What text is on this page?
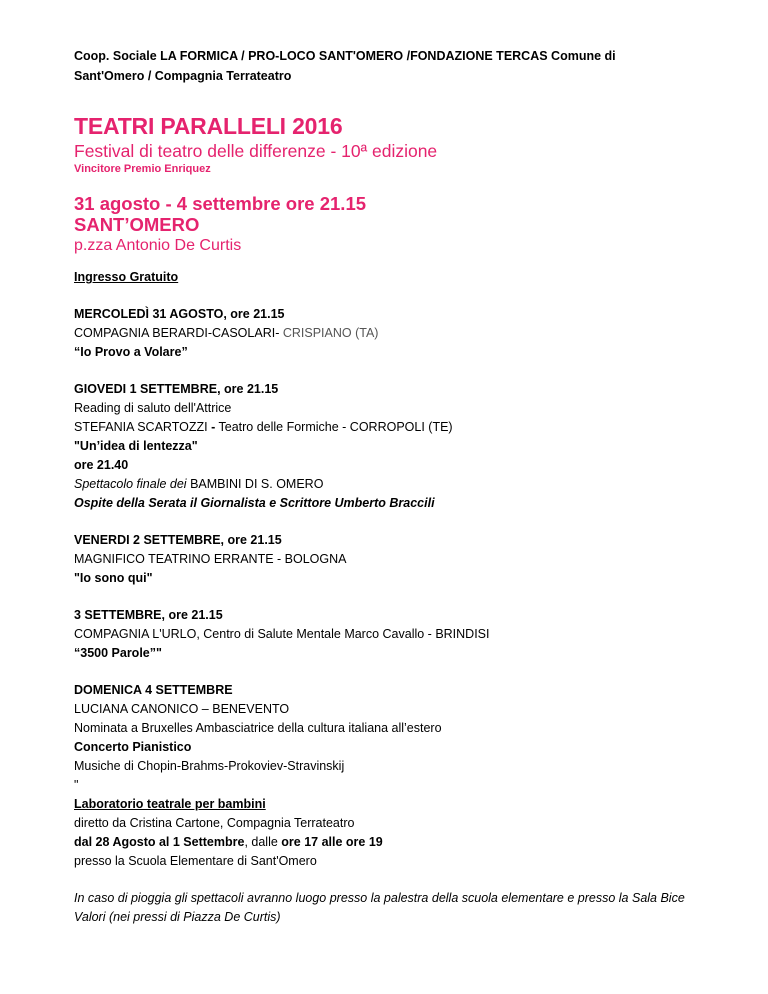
Coop. Sociale LA FORMICA / PRO-LOCO SANT'OMERO /FONDAZIONE TERCAS Comune di

Sant'Omero / Compagnia Terrateatro

TEATRI PARALLELI 2016

Festival di teatro delle differenze - 10ª edizione

Vincitore Premio Enriquez

31 agosto - 4 settembre ore 21.15

SANT’OMERO

p.zza Antonio De Curtis

Ingresso Gratuito

MERCOLEDÌ 31 AGOSTO, ore 21.15

COMPAGNIA BERARDI-CASOLARI- CRISPIANO (TA)

“Io Provo a Volare”

GIOVEDI 1 SETTEMBRE, ore 21.15

Reading di saluto dell'Attrice

STEFANIA SCARTOZZI - Teatro delle Formiche - CORROPOLI (TE)

"Un’idea di lentezza"

ore 21.40

Spettacolo finale dei BAMBINI DI S. OMERO

Ospite della Serata il Giornalista e Scrittore Umberto Braccili

VENERDI 2 SETTEMBRE, ore 21.15

MAGNIFICO TEATRINO ERRANTE - BOLOGNA

"Io sono qui"

3 SETTEMBRE, ore 21.15

COMPAGNIA L'URLO, Centro di Salute Mentale Marco Cavallo - BRINDISI

“3500 Parole”"

DOMENICA 4 SETTEMBRE

LUCIANA CANONICO – BENEVENTO

Nominata a Bruxelles Ambasciatrice della cultura italiana all’estero

Concerto Pianistico

Musiche di Chopin-Brahms-Prokoviev-Stravinskij

"

Laboratorio teatrale per bambini

diretto da Cristina Cartone, Compagnia Terrateatro

dal 28 Agosto al 1 Settembre, dalle ore 17 alle ore 19

presso la Scuola Elementare di Sant'Omero

In caso di pioggia gli spettacoli avranno luogo presso la palestra della scuola elementare e presso la Sala Bice Valori (nei pressi di Piazza De Curtis)
